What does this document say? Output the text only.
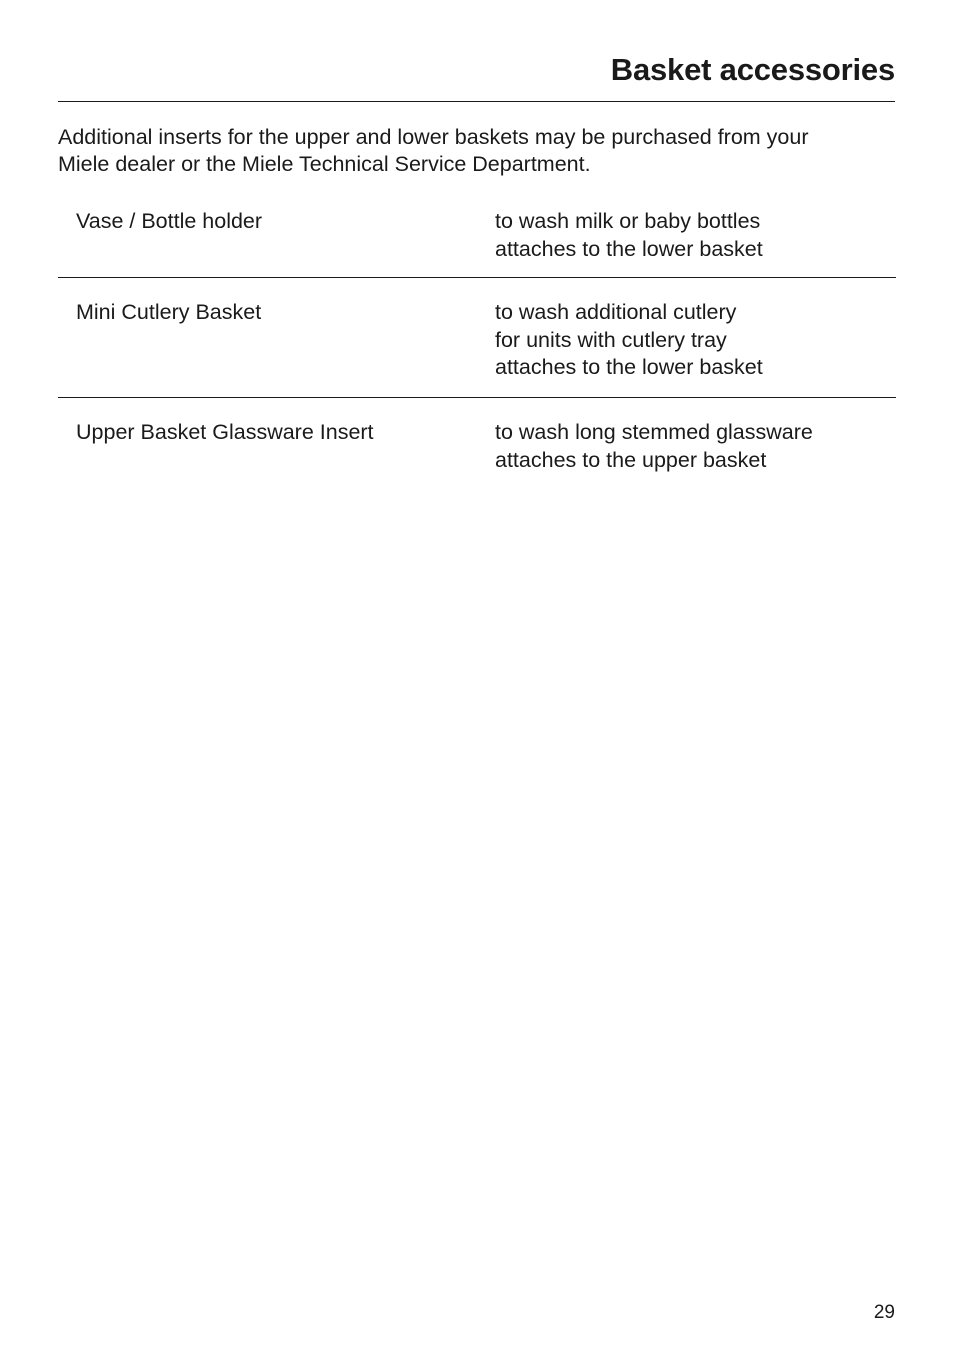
Basket accessories

Additional inserts for the upper and lower baskets may be purchased from your
Miele dealer or the Miele Technical Service Department.

Vase / Bottle holder	to wash milk or baby bottles
attaches to the lower basket
Mini Cutlery Basket	to wash additional cutlery
for units with cutlery tray
attaches to the lower basket
Upper Basket Glassware Insert	to wash long stemmed glassware
attaches to the upper basket
29
